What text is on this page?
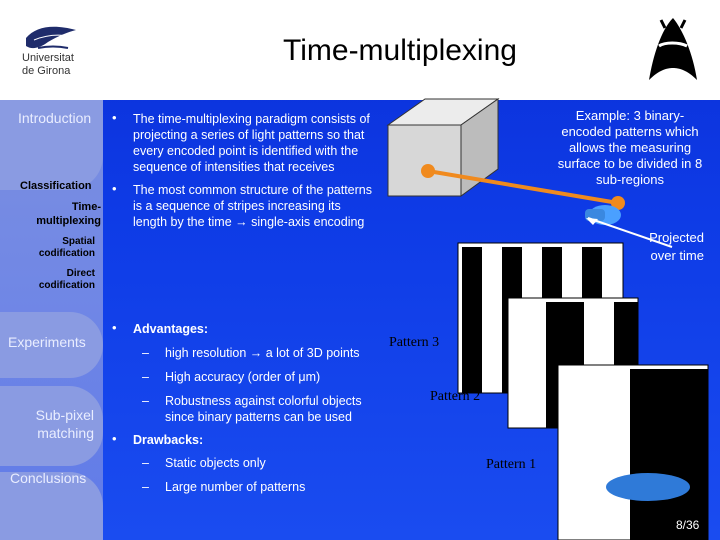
Universitat
de Girona
Time-multiplexing
Introduction
Classification
Time-
multiplexing
Spatial
codification
Direct
codification
Experiments
Sub-pixel
matching
Conclusions
• The time-multiplexing paradigm consists of projecting a series of light patterns so that every encoded point is identified with the sequence of intensities that receives
• The most common structure of the patterns is a sequence of stripes increasing its length by the time → single-axis encoding
• Advantages:
– high resolution → a lot of 3D points
– High accuracy (order of μm)
– Robustness against colorful objects since binary patterns can be used
• Drawbacks:
– Static objects only
– Large number of patterns
Example: 3 binary-encoded patterns which allows the measuring surface to be divided in 8 sub-regions
Projected over time
Pattern 3
Pattern 2
Pattern 1
8/36
